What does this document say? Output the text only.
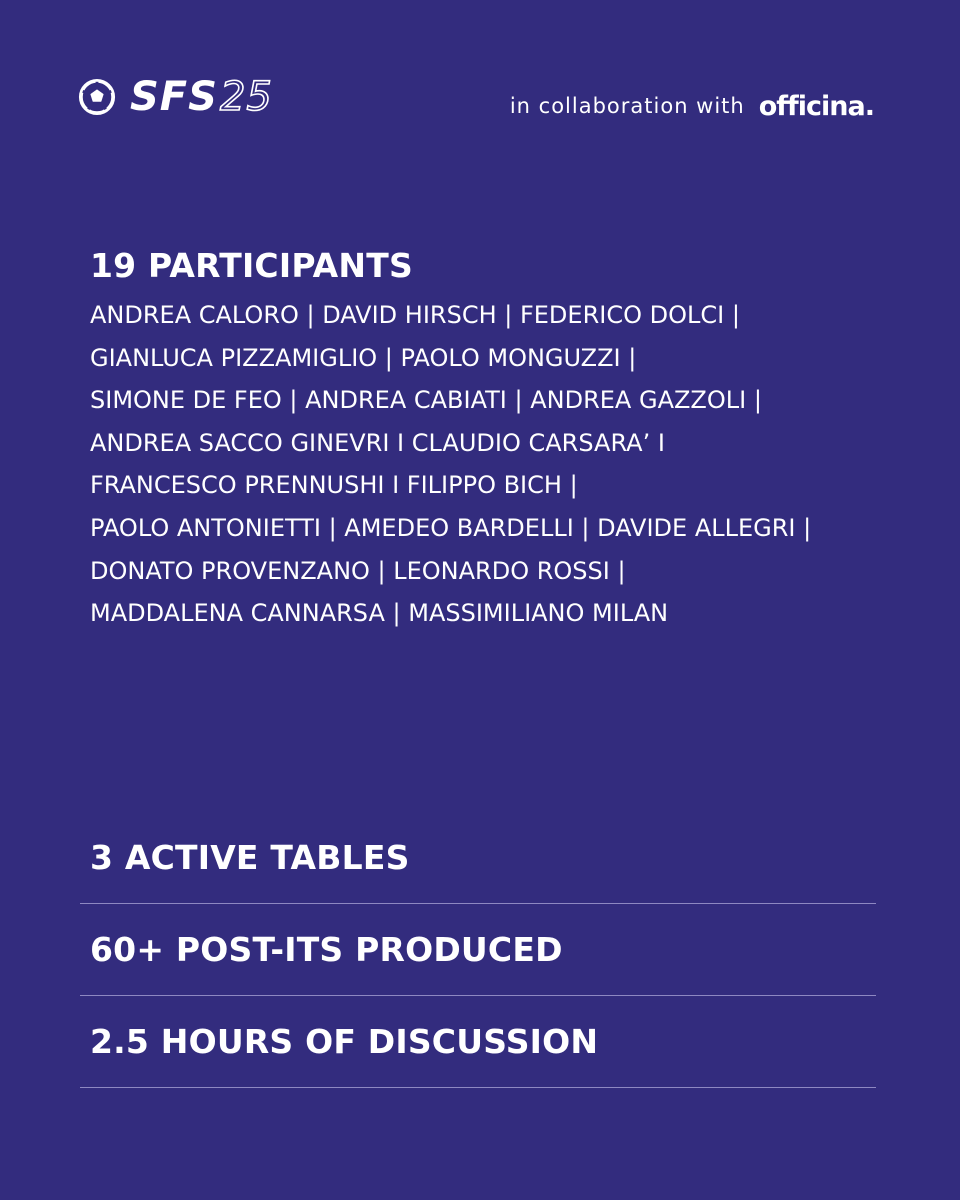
SFS 25	in collaboration with officina.
19 PARTICIPANTS
ANDREA CALORO | DAVID HIRSCH | FEDERICO DOLCI |
GIANLUCA PIZZAMIGLIO | PAOLO MONGUZZI |
SIMONE DE FEO | ANDREA CABIATI | ANDREA GAZZOLI |
ANDREA SACCO GINEVRI I CLAUDIO CARSARA’ I
FRANCESCO PRENNUSHI I FILIPPO BICH |
PAOLO ANTONIETTI | AMEDEO BARDELLI | DAVIDE ALLEGRI |
DONATO PROVENZANO | LEONARDO ROSSI |
MADDALENA CANNARSA | MASSIMILIANO MILAN
3 ACTIVE TABLES
60+ POST-ITS PRODUCED
2.5 HOURS OF DISCUSSION
